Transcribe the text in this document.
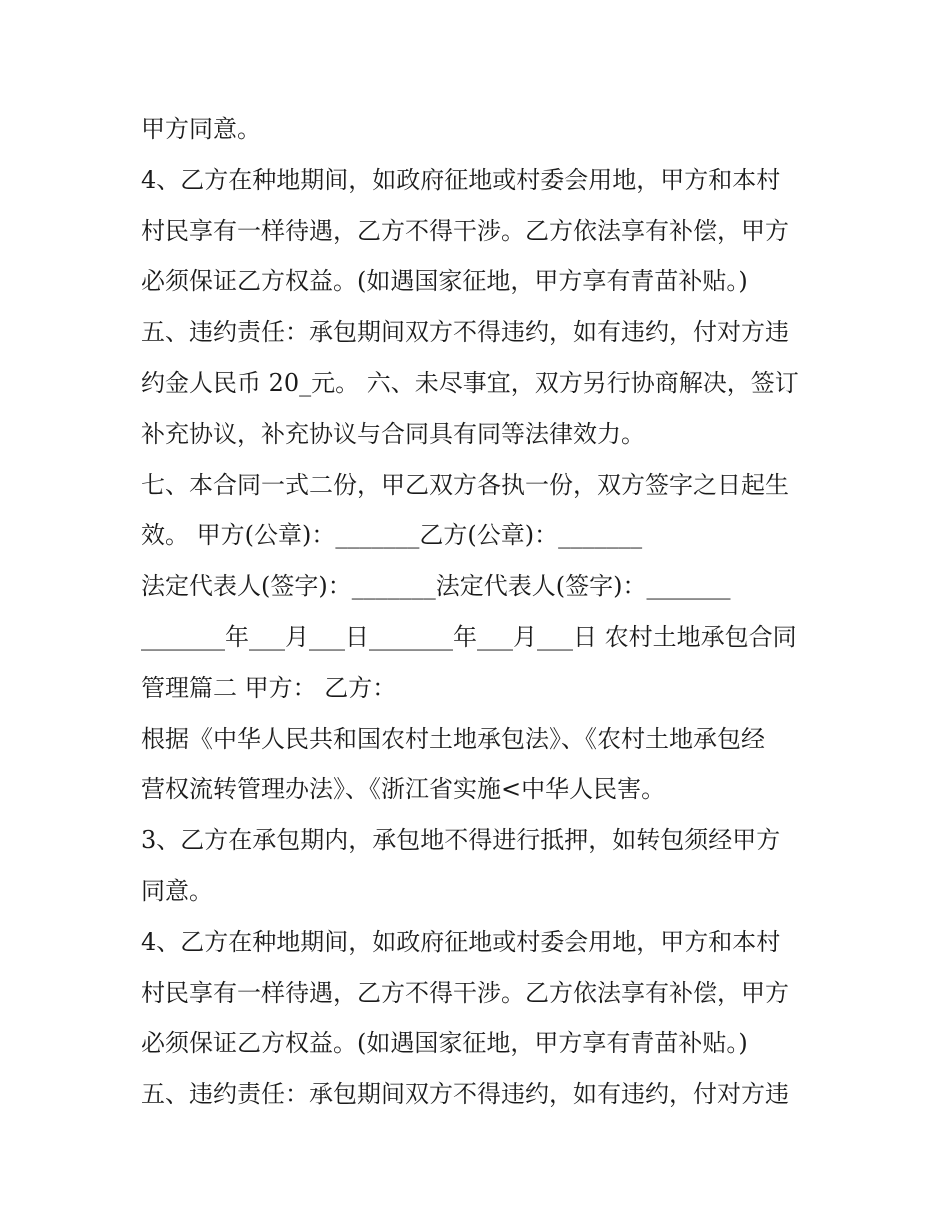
甲方同意。
4、乙方在种地期间，如政府征地或村委会用地，甲方和本村
村民享有一样待遇，乙方不得干涉。乙方依法享有补偿，甲方
必须保证乙方权益。(如遇国家征地，甲方享有青苗补贴。)
五、违约责任：承包期间双方不得违约，如有违约，付对方违
约金人民币 20_元。 六、未尽事宜，双方另行协商解决，签订
补充协议，补充协议与合同具有同等法律效力。
七、本合同一式二份，甲乙双方各执一份，双方签字之日起生
效。 甲方(公章)：_______乙方(公章)：_______
法定代表人(签字)：_______法定代表人(签字)：_______
_______年___月___日_______年___月___日 农村土地承包合同
管理篇二 甲方： 乙方：
根据《中华人民共和国农村土地承包法》、《农村土地承包经
营权流转管理办法》、《浙江省实施<中华人民害。
3、乙方在承包期内，承包地不得进行抵押，如转包须经甲方
同意。
4、乙方在种地期间，如政府征地或村委会用地，甲方和本村
村民享有一样待遇，乙方不得干涉。乙方依法享有补偿，甲方
必须保证乙方权益。(如遇国家征地，甲方享有青苗补贴。)
五、违约责任：承包期间双方不得违约，如有违约，付对方违
